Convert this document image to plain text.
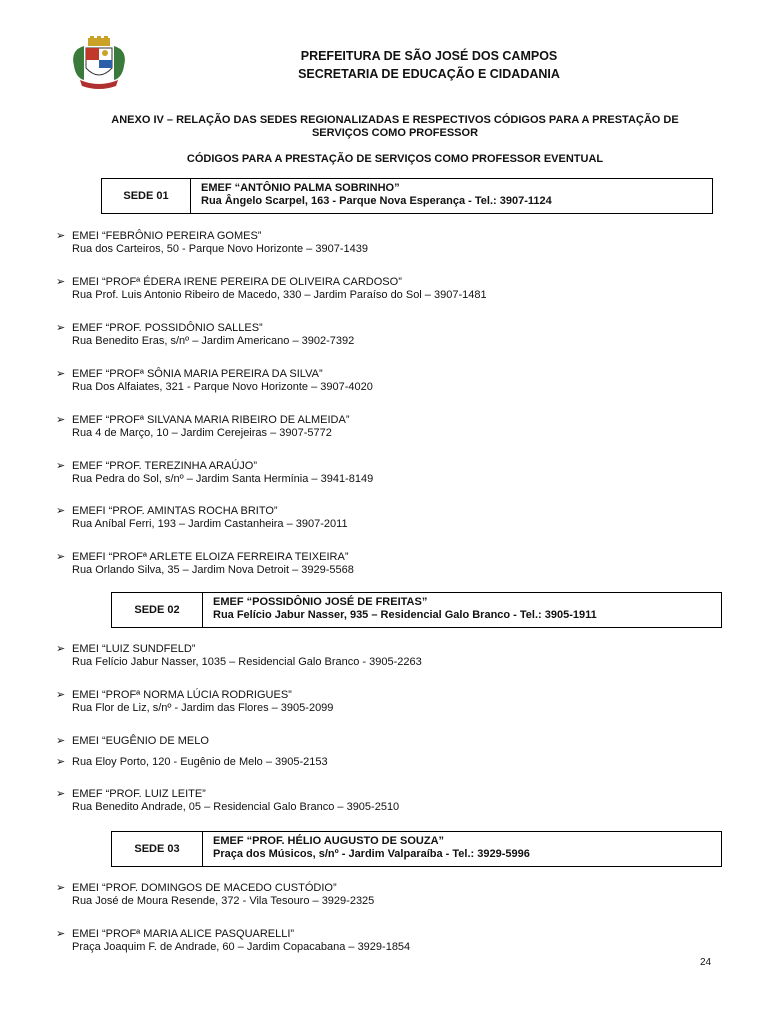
PREFEITURA DE SÃO JOSÉ DOS CAMPOS
SECRETARIA DE EDUCAÇÃO E CIDADANIA
ANEXO IV – RELAÇÃO DAS SEDES REGIONALIZADAS E RESPECTIVOS CÓDIGOS PARA A PRESTAÇÃO DE
SERVIÇOS COMO PROFESSOR
CÓDIGOS PARA A PRESTAÇÃO DE SERVIÇOS COMO PROFESSOR EVENTUAL
SEDE 01
EMEF “ANTÔNIO PALMA SOBRINHO”
Rua Ângelo Scarpel, 163 - Parque Nova Esperança - Tel.: 3907-1124
➢ EMEI “FEBRÔNIO PEREIRA GOMES”
Rua dos Carteiros, 50 - Parque Novo Horizonte – 3907-1439
➢ EMEI “PROFª ÉDERA IRENE PEREIRA DE OLIVEIRA CARDOSO”
Rua Prof. Luis Antonio Ribeiro de Macedo, 330 – Jardim Paraíso do Sol – 3907-1481
➢ EMEF “PROF. POSSIDÔNIO SALLES”
Rua Benedito Eras, s/nº – Jardim Americano – 3902-7392
➢ EMEF “PROFª SÔNIA MARIA PEREIRA DA SILVA”
Rua Dos Alfaiates, 321 - Parque Novo Horizonte – 3907-4020
➢ EMEF “PROFª SILVANA MARIA RIBEIRO DE ALMEIDA”
Rua 4 de Março, 10 – Jardim Cerejeiras – 3907-5772
➢ EMEF “PROF. TEREZINHA ARAÚJO”
Rua Pedra do Sol, s/nº – Jardim Santa Hermínia – 3941-8149
➢ EMEFI “PROF. AMINTAS ROCHA BRITO”
Rua Aníbal Ferri, 193 – Jardim Castanheira – 3907-2011
➢ EMEFI “PROFª ARLETE ELOIZA FERREIRA TEIXEIRA”
Rua Orlando Silva, 35 – Jardim Nova Detroit – 3929-5568
SEDE 02
EMEF “POSSIDÔNIO JOSÉ DE FREITAS”
Rua Felício Jabur Nasser, 935 – Residencial Galo Branco - Tel.: 3905-1911
➢ EMEI “LUIZ SUNDFELD”
Rua Felício Jabur Nasser, 1035 – Residencial Galo Branco - 3905-2263
➢ EMEI “PROFª NORMA LÚCIA RODRIGUES”
Rua Flor de Liz, s/nº - Jardim das Flores – 3905-2099
➢ EMEI “EUGÊNIO DE MELO
➢ Rua Eloy Porto, 120 - Eugênio de Melo – 3905-2153
➢ EMEF “PROF. LUIZ LEITE”
Rua Benedito Andrade, 05 – Residencial Galo Branco – 3905-2510
SEDE 03
EMEF “PROF. HÉLIO AUGUSTO DE SOUZA”
Praça dos Músicos, s/nº - Jardim Valparaíba - Tel.: 3929-5996
➢ EMEI “PROF. DOMINGOS DE MACEDO CUSTÓDIO”
Rua José de Moura Resende, 372 - Vila Tesouro – 3929-2325
➢ EMEI “PROFª MARIA ALICE PASQUARELLI”
Praça Joaquim F. de Andrade, 60 – Jardim Copacabana – 3929-1854
24
